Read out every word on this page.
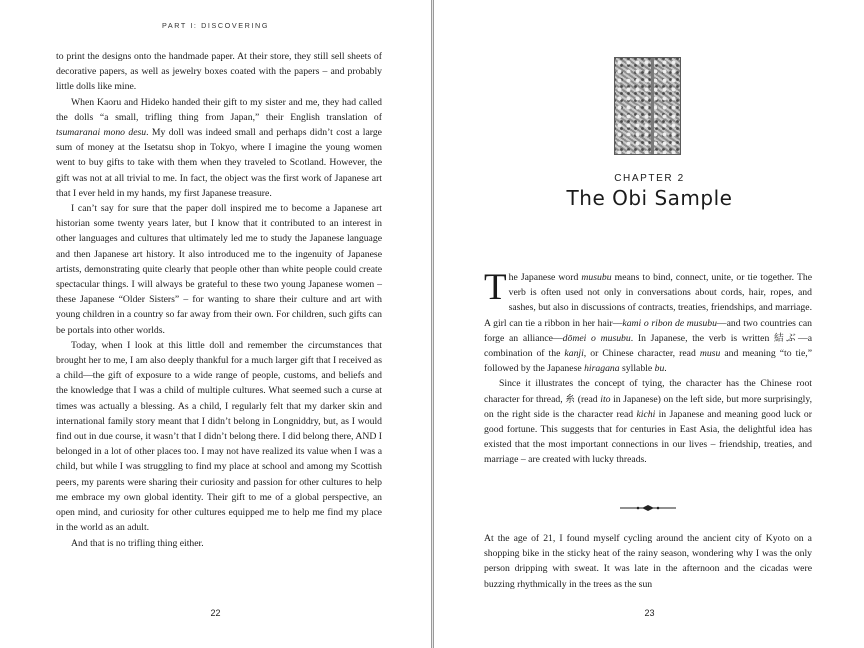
PART I: DISCOVERING

to print the designs onto the handmade paper. At their store, they still sell sheets of decorative papers, as well as jewelry boxes coated with the papers – and probably little dolls like mine.

When Kaoru and Hideko handed their gift to my sister and me, they had called the dolls “a small, trifling thing from Japan,” their English translation of tsumaranai mono desu. My doll was indeed small and perhaps didn’t cost a large sum of money at the Isetatsu shop in Tokyo, where I imagine the young women went to buy gifts to take with them when they traveled to Scotland. However, the gift was not at all trivial to me. In fact, the object was the first work of Japanese art that I ever held in my hands, my first Japanese treasure.

I can’t say for sure that the paper doll inspired me to become a Japanese art historian some twenty years later, but I know that it contributed to an interest in other languages and cultures that ultimately led me to study the Japanese language and then Japanese art history. It also introduced me to the ingenuity of Japanese artists, demonstrating quite clearly that people other than white people could create spectacular things. I will always be grateful to these two young Japanese women – these Japanese “Older Sisters” – for wanting to share their culture and art with young children in a country so far away from their own. For children, such gifts can be portals into other worlds.

Today, when I look at this little doll and remember the circumstances that brought her to me, I am also deeply thankful for a much larger gift that I received as a child—the gift of exposure to a wide range of people, customs, and beliefs and the knowledge that I was a child of multiple cultures. What seemed such a curse at times was actually a blessing. As a child, I regularly felt that my darker skin and international family story meant that I didn’t belong in Longniddry, but, as I would find out in due course, it wasn’t that I didn’t belong there. I did belong there, AND I belonged in a lot of other places too. I may not have realized its value when I was a child, but while I was struggling to find my place at school and among my Scottish peers, my parents were sharing their curiosity and passion for other cultures to help me embrace my own global identity. Their gift to me of a global perspective, an open mind, and curiosity for other cultures equipped me to help me find my place in the world as an adult.

And that is no trifling thing either.

22
CHAPTER 2
The Obi Sample
T he Japanese word musubu means to bind, connect, unite, or tie together. The verb is often used not only in conversations about cords, hair, ropes, and sashes, but also in discussions of contracts, treaties, friendships, and marriage. A girl can tie a ribbon in her hair—kami o ribon de musubu—and two countries can forge an alliance—dōmei o musubu. In Japanese, the verb is written 結ぶ—a combination of the kanji, or Chinese character, read musu and meaning “to tie,” followed by the Japanese hiragana syllable bu.

Since it illustrates the concept of tying, the character has the Chinese root character for thread, 糸 (read ito in Japanese) on the left side, but more surprisingly, on the right side is the character read kichi in Japanese and meaning good luck or good fortune. This suggests that for centuries in East Asia, the delightful idea has existed that the most important connections in our lives – friendship, treaties, and marriage – are created with lucky threads.

At the age of 21, I found myself cycling around the ancient city of Kyoto on a shopping bike in the sticky heat of the rainy season, wondering why I was the only person dripping with sweat. It was late in the afternoon and the cicadas were buzzing rhythmically in the trees as the sun

23
